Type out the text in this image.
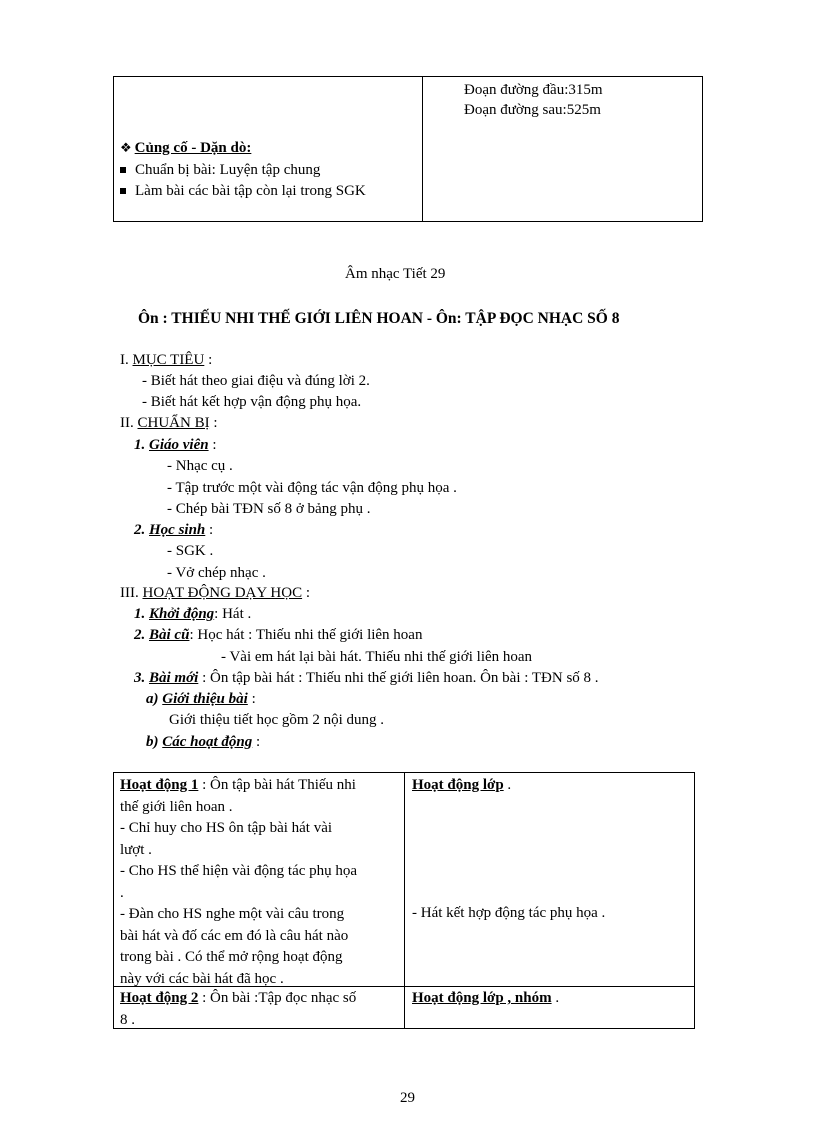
Đoạn đường đầu:315m
Đoạn đường sau:525m
❖ Củng cố - Dặn dò:
Chuẩn bị bài: Luyện tập chung
Làm bài các bài tập còn lại trong SGK
Âm nhạc Tiết 29
Ôn : THIẾU NHI THẾ GIỚI LIÊN HOAN - Ôn: TẬP ĐỌC NHẠC SỐ 8
I. MỤC TIÊU :
- Biết hát theo giai điệu và đúng lời 2.
- Biết hát kết hợp vận động phụ họa.
II. CHUẨN BỊ :
1. Giáo viên :
- Nhạc cụ .
- Tập trước một vài động tác vận động phụ họa .
- Chép bài TĐN số 8 ở bảng phụ .
2. Học sinh :
- SGK .
- Vở chép nhạc .
III. HOẠT ĐỘNG DẠY HỌC :
1. Khởi động: Hát .
2. Bài cũ: Học hát : Thiếu nhi thế giới liên hoan
- Vài em hát lại bài hát. Thiếu nhi thế giới liên hoan
3. Bài mới : Ôn tập bài hát : Thiếu nhi thế giới liên hoan. Ôn bài : TĐN số 8 .
a) Giới thiệu bài :
Giới thiệu tiết học gồm 2 nội dung .
b) Các hoạt động :
Hoạt động 1 : Ôn tập bài hát Thiếu nhi
thế giới liên hoan .
- Chỉ huy cho HS ôn tập bài hát vài
lượt .
- Cho HS thể hiện vài động tác phụ họa
.
- Đàn cho HS nghe một vài câu trong
bài hát và đố các em đó là câu hát nào
trong bài . Có thể mở rộng hoạt động
này với các bài hát đã học .
Hoạt động lớp .
- Hát kết hợp động tác phụ họa .
Hoạt động 2 : Ôn bài :Tập đọc nhạc số
8 .
Hoạt động lớp , nhóm .
29
